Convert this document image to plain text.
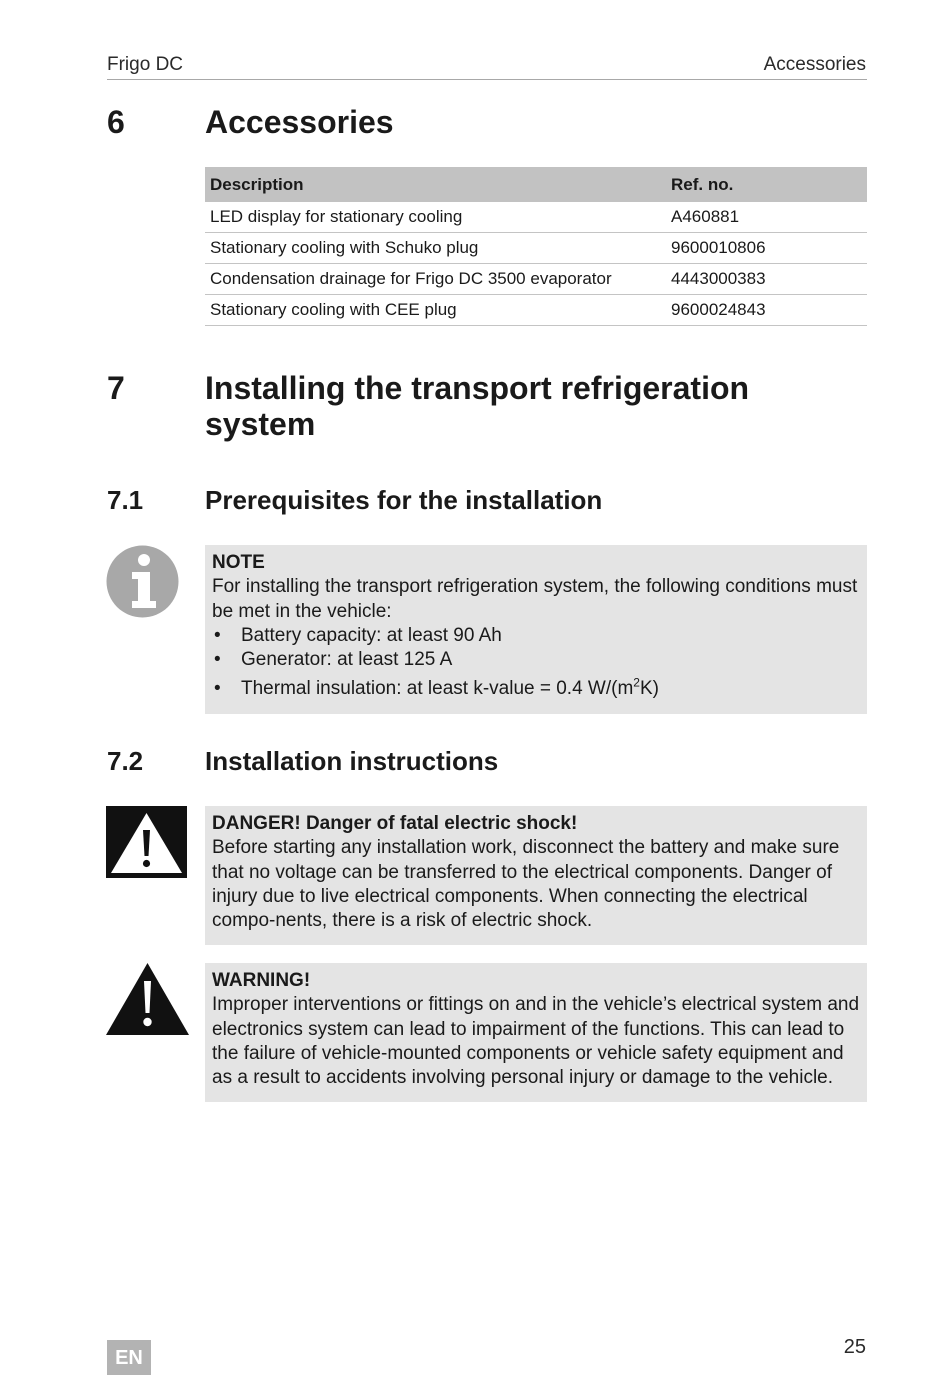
Frigo DC	Accessories
6	Accessories
Description	Ref. no.
LED display for stationary cooling	A460881
Stationary cooling with Schuko plug	9600010806
Condensation drainage for Frigo DC 3500 evaporator	4443000383
Stationary cooling with CEE plug	9600024843
7	Installing the transport refrigeration
system
7.1 Prerequisites for the installation
NOTE
For installing the transport refrigeration system, the following conditions must be met in the vehicle:
• Battery capacity: at least 90 Ah
• Generator: at least 125 A
• Thermal insulation: at least k-value = 0.4 $W/(m^2K)$
7.2 Installation instructions
DANGER! Danger of fatal electric shock!
Before starting any installation work, disconnect the battery and make sure that no voltage can be transferred to the electrical components. Danger of injury due to live electrical components. When connecting the electrical compo-nents, there is a risk of electric shock.
WARNING!
Improper interventions or fittings on and in the vehicle’s electrical system and electronics system can lead to impairment of the functions. This can lead to the failure of vehicle-mounted components or vehicle safety equipment and as a result to accidents involving personal injury or damage to the vehicle.
EN	25
